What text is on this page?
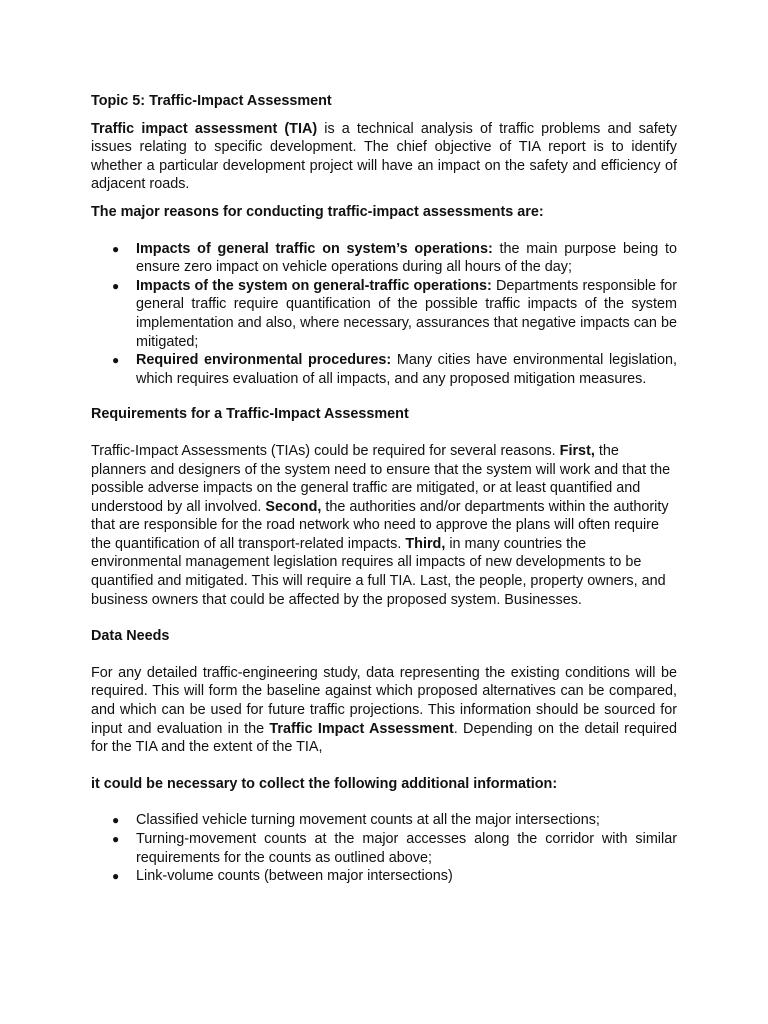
Topic 5: Traffic-Impact Assessment

Traffic impact assessment (TIA) is a technical analysis of traffic problems and safety issues relating to specific development. The chief objective of TIA report is to identify whether a particular development project will have an impact on the safety and efficiency of adjacent roads.

The major reasons for conducting traffic-impact assessments are:

● Impacts of general traffic on system’s operations: the main purpose being to ensure zero impact on vehicle operations during all hours of the day;
● Impacts of the system on general-traffic operations: Departments responsible for general traffic require quantification of the possible traffic impacts of the system implementation and also, where necessary, assurances that negative impacts can be mitigated;
● Required environmental procedures: Many cities have environmental legislation, which requires evaluation of all impacts, and any proposed mitigation measures.

Requirements for a Traffic-Impact Assessment

Traffic-Impact Assessments (TIAs) could be required for several reasons. First, the planners and designers of the system need to ensure that the system will work and that the possible adverse impacts on the general traffic are mitigated, or at least quantified and understood by all involved. Second, the authorities and/or departments within the authority that are responsible for the road network who need to approve the plans will often require the quantification of all transport-related impacts. Third, in many countries the environmental management legislation requires all impacts of new developments to be quantified and mitigated. This will require a full TIA. Last, the people, property owners, and business owners that could be affected by the proposed system. Businesses.

Data Needs

For any detailed traffic-engineering study, data representing the existing conditions will be required. This will form the baseline against which proposed alternatives can be compared, and which can be used for future traffic projections. This information should be sourced for input and evaluation in the Traffic Impact Assessment. Depending on the detail required for the TIA and the extent of the TIA,

it could be necessary to collect the following additional information:

● Classified vehicle turning movement counts at all the major intersections;
● Turning-movement counts at the major accesses along the corridor with similar requirements for the counts as outlined above;
● Link-volume counts (between major intersections)
